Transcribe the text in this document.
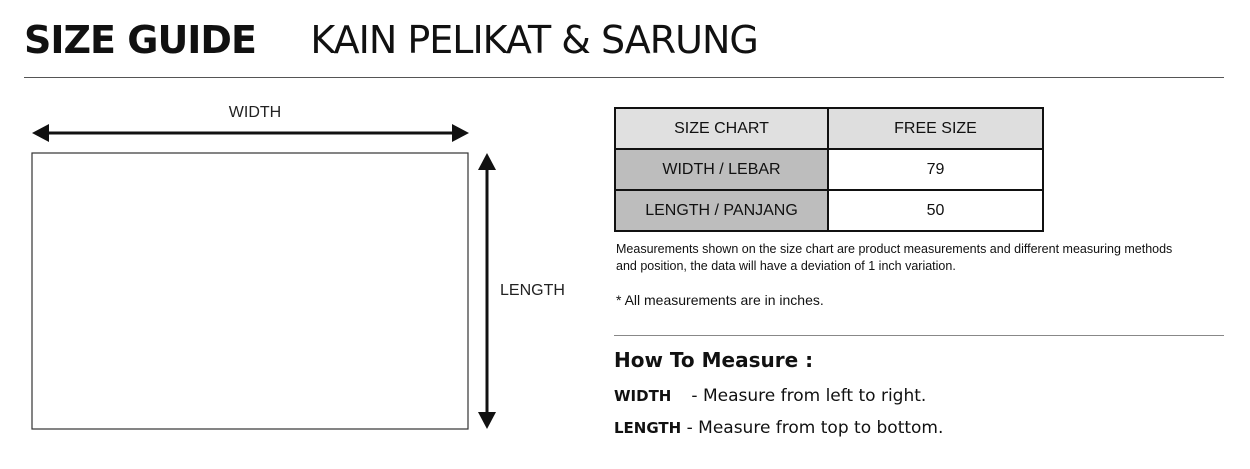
SIZE GUIDE KAIN PELIKAT & SARUNG
WIDTH
LENGTH
SIZE CHART	FREE SIZE
WIDTH / LEBAR	79
LENGTH / PANJANG	50
Measurements shown on the size chart are product measurements and different measuring methods and position, the data will have a deviation of 1 inch variation.
* All measurements are in inches.
How To Measure :
WIDTH - Measure from left to right.
LENGTH - Measure from top to bottom.
